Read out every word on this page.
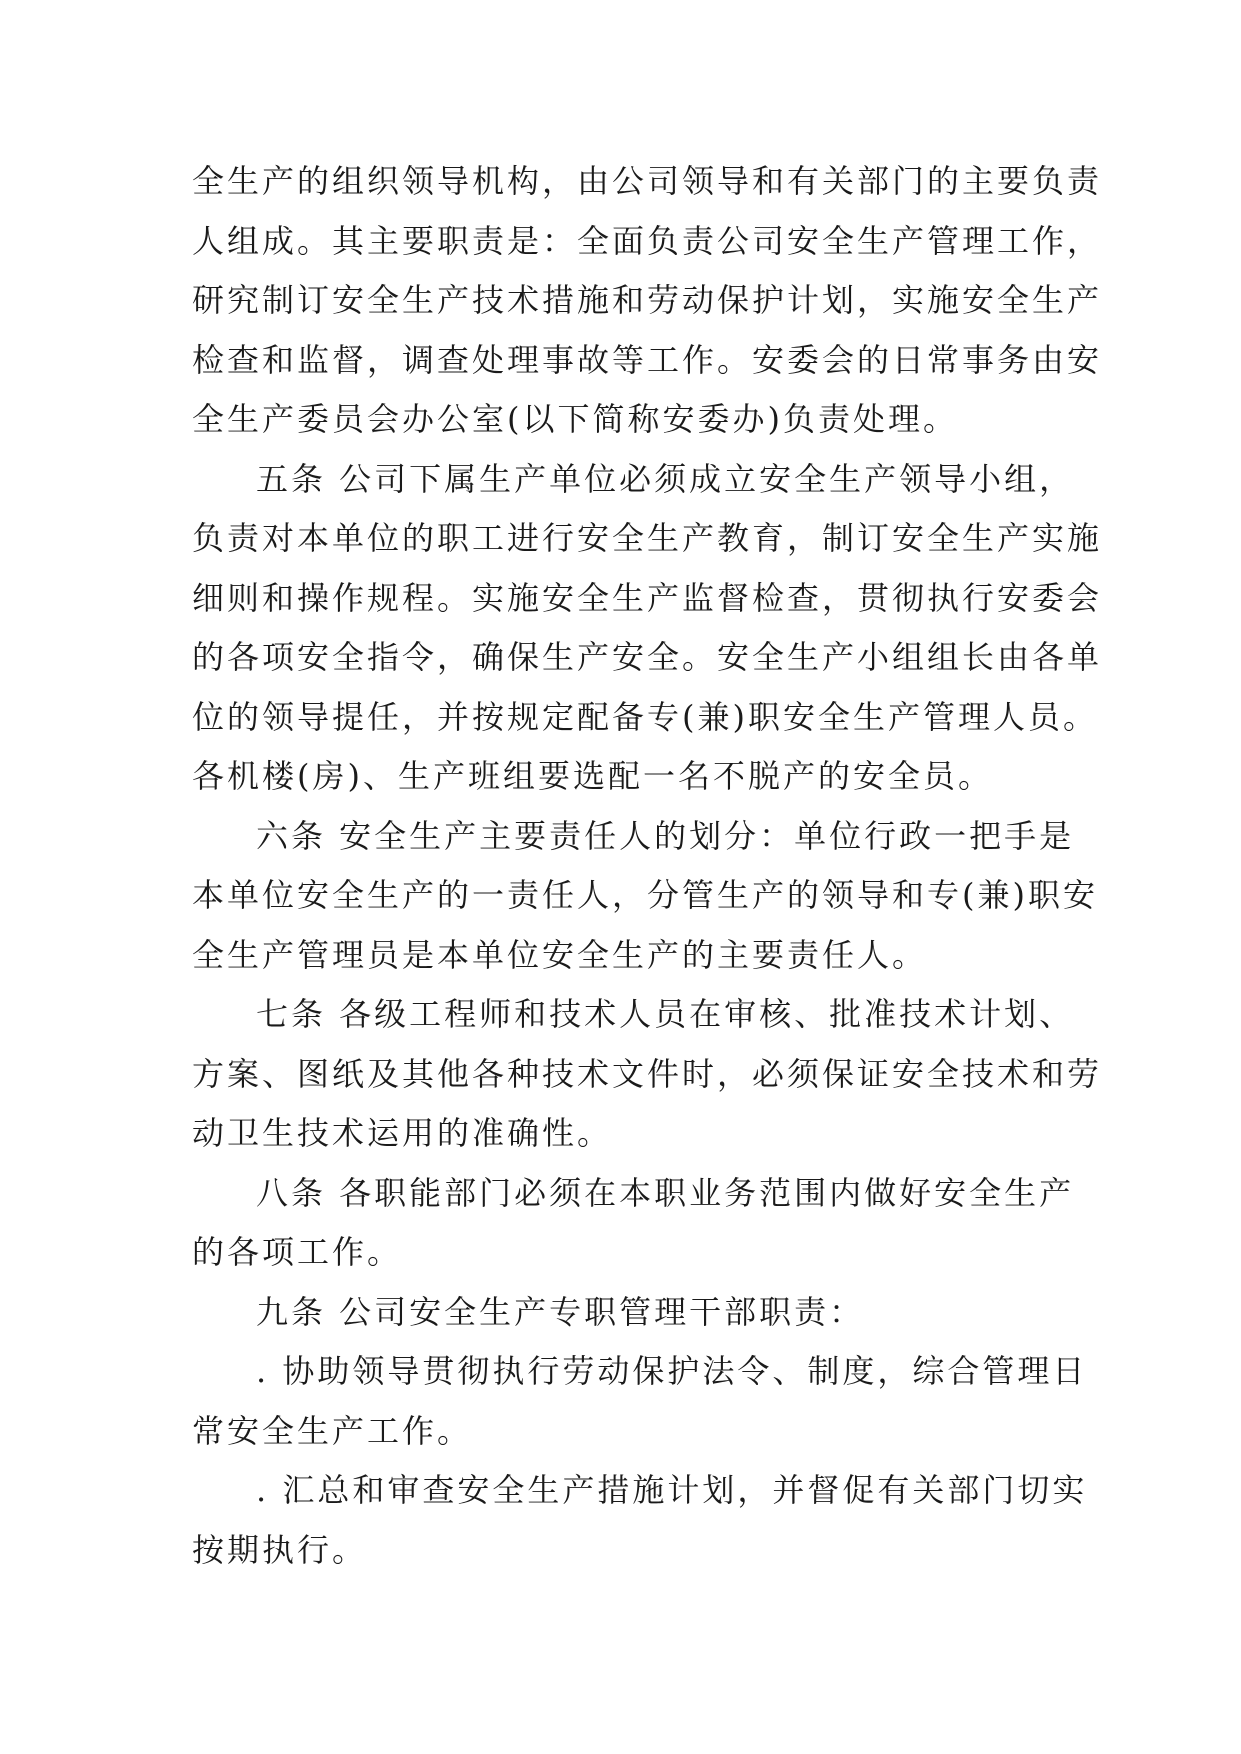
全生产的组织领导机构，由公司领导和有关部门的主要负责
人组成。其主要职责是：全面负责公司安全生产管理工作，
研究制订安全生产技术措施和劳动保护计划，实施安全生产
检查和监督，调查处理事故等工作。安委会的日常事务由安
全生产委员会办公室(以下简称安委办)负责处理。
五条 公司下属生产单位必须成立安全生产领导小组，
负责对本单位的职工进行安全生产教育，制订安全生产实施
细则和操作规程。实施安全生产监督检查，贯彻执行安委会
的各项安全指令，确保生产安全。安全生产小组组长由各单
位的领导提任，并按规定配备专(兼)职安全生产管理人员。
各机楼(房)、生产班组要选配一名不脱产的安全员。
六条 安全生产主要责任人的划分：单位行政一把手是
本单位安全生产的一责任人，分管生产的领导和专(兼)职安
全生产管理员是本单位安全生产的主要责任人。
七条 各级工程师和技术人员在审核、批准技术计划、
方案、图纸及其他各种技术文件时，必须保证安全技术和劳
动卫生技术运用的准确性。
八条 各职能部门必须在本职业务范围内做好安全生产
的各项工作。
九条 公司安全生产专职管理干部职责：
. 协助领导贯彻执行劳动保护法令、制度，综合管理日
常安全生产工作。
. 汇总和审查安全生产措施计划，并督促有关部门切实
按期执行。
